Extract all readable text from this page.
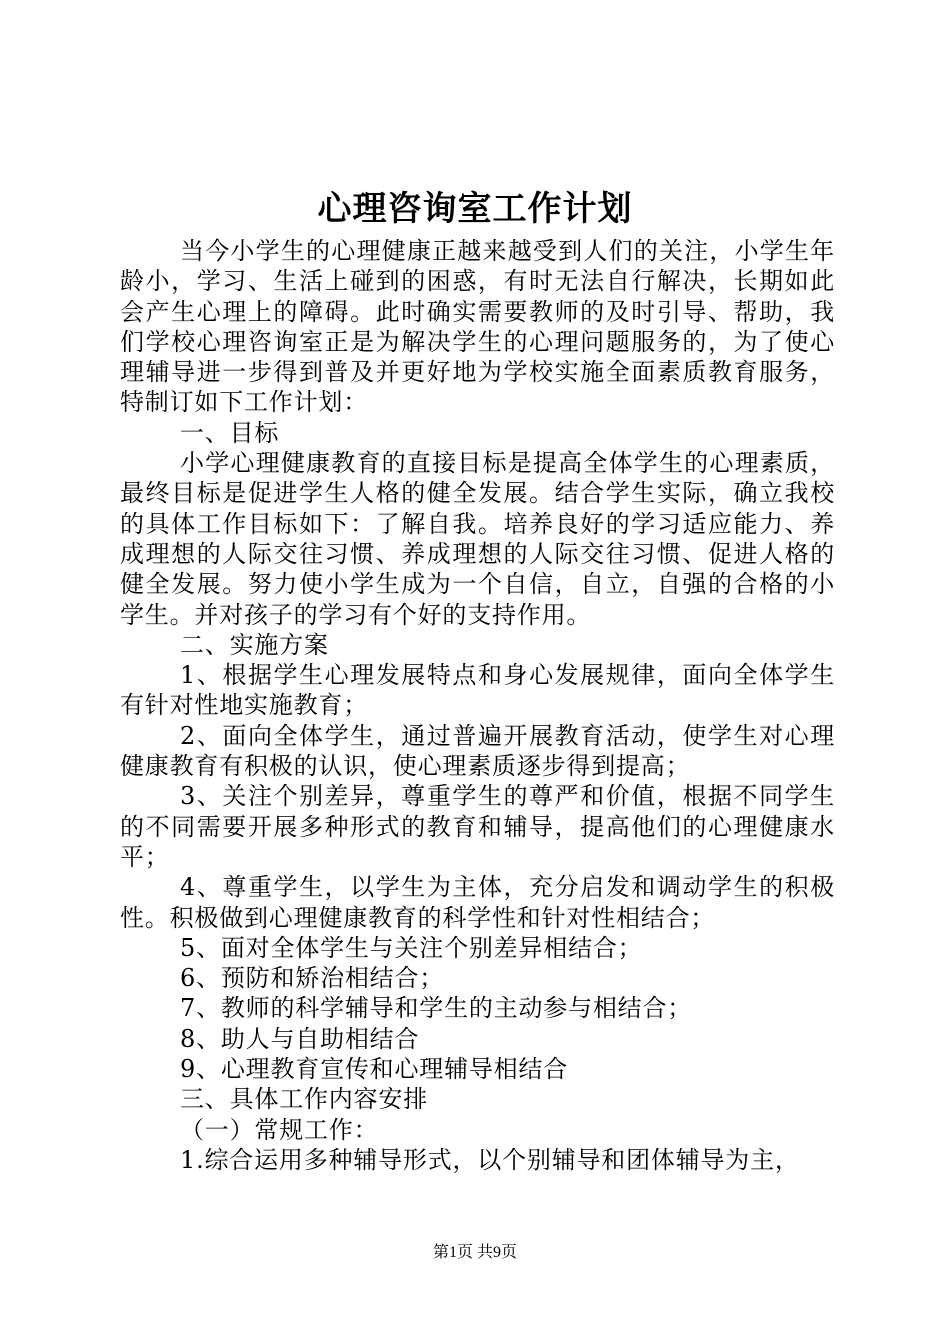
心理咨询室工作计划

当今小学生的心理健康正越来越受到人们的关注，小学生年龄小，学习、生活上碰到的困惑，有时无法自行解决，长期如此会产生心理上的障碍。此时确实需要教师的及时引导、帮助，我们学校心理咨询室正是为解决学生的心理问题服务的，为了使心理辅导进一步得到普及并更好地为学校实施全面素质教育服务，特制订如下工作计划：

一、目标

小学心理健康教育的直接目标是提高全体学生的心理素质，最终目标是促进学生人格的健全发展。结合学生实际，确立我校的具体工作目标如下：了解自我。培养良好的学习适应能力、养成理想的人际交往习惯、养成理想的人际交往习惯、促进人格的健全发展。努力使小学生成为一个自信，自立，自强的合格的小学生。并对孩子的学习有个好的支持作用。

二、实施方案

1、根据学生心理发展特点和身心发展规律，面向全体学生有针对性地实施教育；

2、面向全体学生，通过普遍开展教育活动，使学生对心理健康教育有积极的认识，使心理素质逐步得到提高；

3、关注个别差异，尊重学生的尊严和价值，根据不同学生的不同需要开展多种形式的教育和辅导，提高他们的心理健康水平；

4、尊重学生，以学生为主体，充分启发和调动学生的积极性。积极做到心理健康教育的科学性和针对性相结合；

5、面对全体学生与关注个别差异相结合；

6、预防和矫治相结合；

7、教师的科学辅导和学生的主动参与相结合；

8、助人与自助相结合

9、心理教育宣传和心理辅导相结合

三、具体工作内容安排

（一）常规工作：

1.综合运用多种辅导形式，以个别辅导和团体辅导为主，

第1页 共9页
